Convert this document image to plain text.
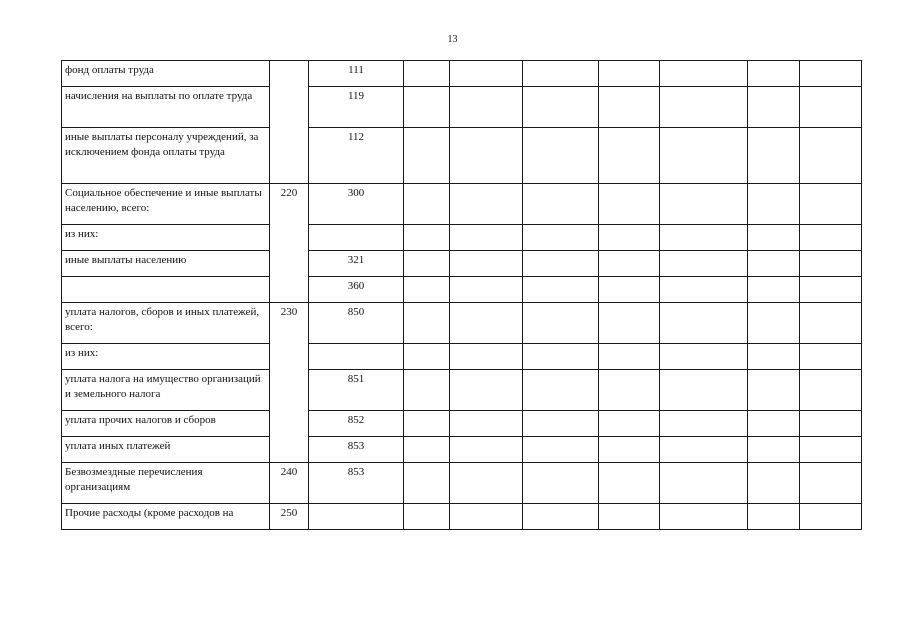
13
фонд оплаты труда		111							
начисления на выплаты по оплате труда		119							
иные выплаты персоналу учреждений, за исключением фонда оплаты труда		112							
Социальное обеспечение и иные выплаты населению, всего:	220	300							
из них:									
иные выплаты населению		321							
		360							
уплата налогов, сборов и иных платежей, всего:	230	850							
из них:									
уплата налога на имущество организаций и земельного налога		851							
уплата прочих налогов и сборов		852							
уплата иных платежей		853							
Безвозмездные перечисления организациям	240	853							
Прочие расходы (кроме расходов на	250								
